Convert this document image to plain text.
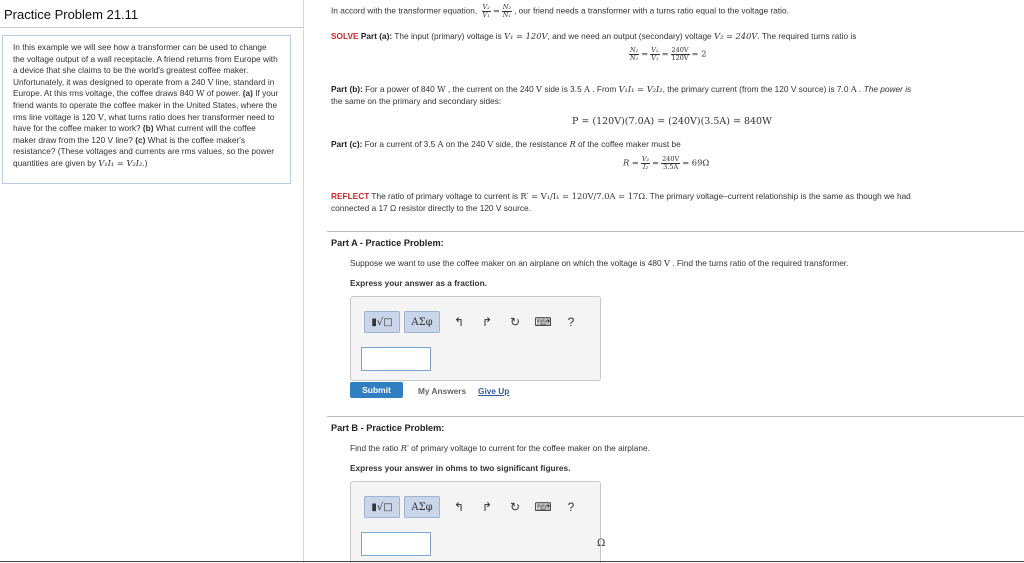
Practice Problem 21.11
In this example we will see how a transformer can be used to change the voltage output of a wall receptacle. A friend returns from Europe with a device that she claims to be the world's greatest coffee maker. Unfortunately, it was designed to operate from a 240 V line, standard in Europe. At this rms voltage, the coffee draws 840 W of power. (a) If your friend wants to operate the coffee maker in the United States, where the rms line voltage is 120 V, what turns ratio does her transformer need to have for the coffee maker to work? (b) What current will the coffee maker draw from the 120 V line? (c) What is the coffee maker's resistance? (These voltages and currents are rms values, so the power quantities are given by V₁I₁ = V₂I₂.)
In accord with the transformer equation, $\frac{\text{V₂}}{\text{V₁}} = \frac{\text{N₂}}{\text{N₁}}$ , our friend needs a transformer with a turns ratio equal to the voltage ratio.
SOLVE Part (a): The input (primary) voltage is V₁ = 120V, and we need an output (secondary) voltage V₂ = 240V. The required turns ratio is
$\frac{\text{N₂}}{\text{N₁}} = \frac{\text{V₂}}{\text{V₁}} = \frac{240V}{120V} = 2$
Part (b): For a power of 840 W , the current on the 240 V side is 3.5 A . From V₁I₁ = V₂I₂, the primary current (from the 120 V source) is 7.0 A . The power is
the same on the primary and secondary sides:
P = (120V)(7.0A) = (240V)(3.5A) = 840W
Part (c): For a current of 3.5 A on the 240 V side, the resistance R of the coffee maker must be
$R = \frac{\text{V₂}}{\text{I₂}} = \frac{240V}{3.5A} = 69\Omega$
REFLECT The ratio of primary voltage to current is R′ = V₁/I₁ = 120V/7.0A = 17Ω. The primary voltage–current relationship is the same as though we had
connected a 17 Ω resistor directly to the 120 V source.
Part A - Practice Problem:
Suppose we want to use the coffee maker on an airplane on which the voltage is 480 V . Find the turns ratio of the required transformer.
Express your answer as a fraction.
▮√□ ΑΣφ	↰	↱	↻	⌨ ?
Submit	My Answers Give Up
Part B - Practice Problem:
Find the ratio R′ of primary voltage to current for the coffee maker on the airplane.
Express your answer in ohms to two significant figures.
▮√□ ΑΣφ	↰	↱	↻	⌨ ?
Ω
